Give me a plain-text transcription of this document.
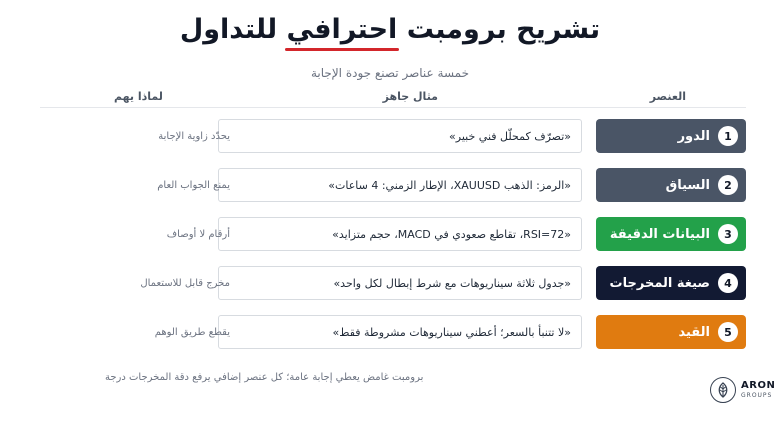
تشريح برومبت احترافي للتداول
خمسة عناصر تصنع جودة الإجابة
العنصر
مثال جاهز
لماذا يهم
1
الدور
«تصرّف كمحلّل فني خبير»
يحدّد زاوية الإجابة
2
السياق
«الرمز: الذهب XAUUSD، الإطار الزمني: 4 ساعات»
يمنع الجواب العام
3
البيانات الدقيقة
«RSI=72، تقاطع صعودي في MACD، حجم متزايد»
أرقام لا أوصاف
4
صيغة المخرجات
«جدول ثلاثة سيناريوهات مع شرط إبطال لكل واحد»
مخرج قابل للاستعمال
5
القيد
«لا تتنبأ بالسعر؛ أعطني سيناريوهات مشروطة فقط»
يقطع طريق الوهم
برومبت غامض يعطي إجابة عامة؛ كل عنصر إضافي يرفع دقة المخرجات درجة
ARON
GROUPS
